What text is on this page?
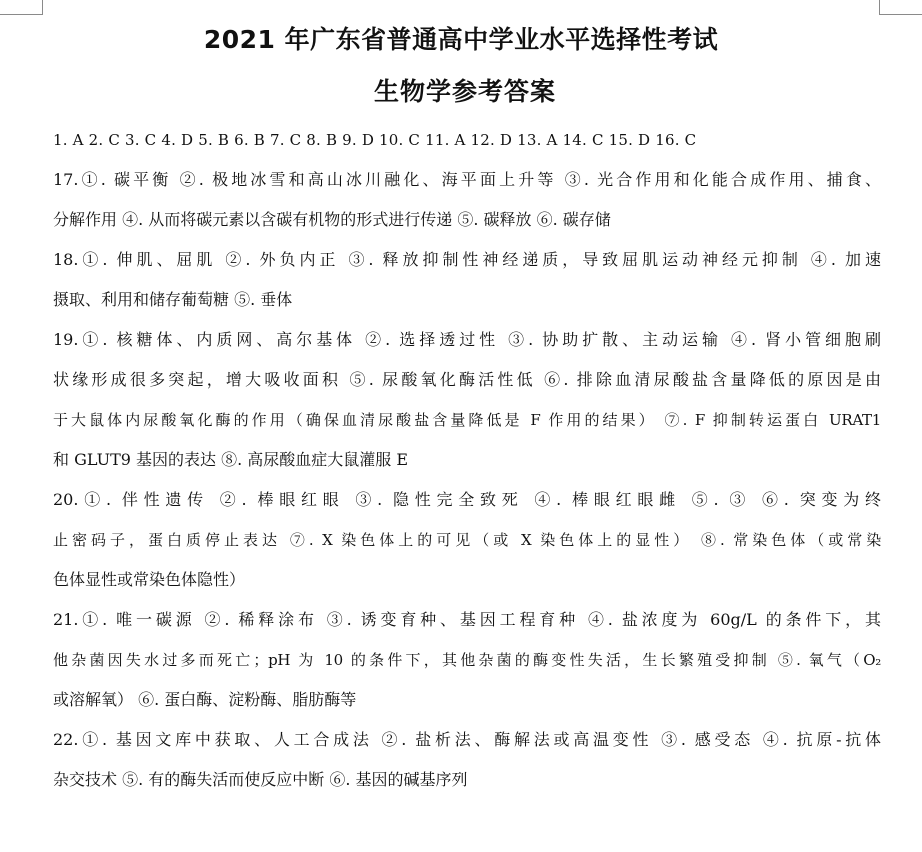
2021 年广东省普通高中学业水平选择性考试
生物学参考答案
1. A 2. C 3. C 4. D 5. B 6. B 7. C 8. B 9. D 10. C 11. A 12. D 13. A 14. C 15. D 16. C
17.①. 碳平衡 ②. 极地冰雪和高山冰川融化、海平面上升等 ③. 光合作用和化能合成作用、捕食、
分解作用 ④. 从而将碳元素以含碳有机物的形式进行传递 ⑤. 碳释放 ⑥. 碳存储
18.①. 伸肌、屈肌 ②. 外负内正 ③. 释放抑制性神经递质，导致屈肌运动神经元抑制 ④. 加速
摄取、利用和储存葡萄糖 ⑤. 垂体
19.①. 核糖体、内质网、高尔基体 ②. 选择透过性 ③. 协助扩散、主动运输 ④. 肾小管细胞刷
状缘形成很多突起，增大吸收面积 ⑤. 尿酸氧化酶活性低 ⑥. 排除血清尿酸盐含量降低的原因是由
于大鼠体内尿酸氧化酶的作用（确保血清尿酸盐含量降低是 F 作用的结果） ⑦. F 抑制转运蛋白 URAT1
和 GLUT9 基因的表达 ⑧. 高尿酸血症大鼠灌服 E
20.①. 伴性遗传 ②. 棒眼红眼 ③. 隐性完全致死 ④. 棒眼红眼雌 ⑤. ③ ⑥. 突变为终
止密码子，蛋白质停止表达 ⑦. X 染色体上的可见（或 X 染色体上的显性） ⑧. 常染色体（或常染
色体显性或常染色体隐性）
21.①. 唯一碳源 ②. 稀释涂布 ③. 诱变育种、基因工程育种 ④. 盐浓度为 60g/L 的条件下，其
他杂菌因失水过多而死亡；pH 为 10 的条件下，其他杂菌的酶变性失活，生长繁殖受抑制 ⑤. 氧气（O₂
或溶解氧） ⑥. 蛋白酶、淀粉酶、脂肪酶等
22.①. 基因文库中获取、人工合成法 ②. 盐析法、酶解法或高温变性 ③. 感受态 ④. 抗原-抗体
杂交技术 ⑤. 有的酶失活而使反应中断 ⑥. 基因的碱基序列
